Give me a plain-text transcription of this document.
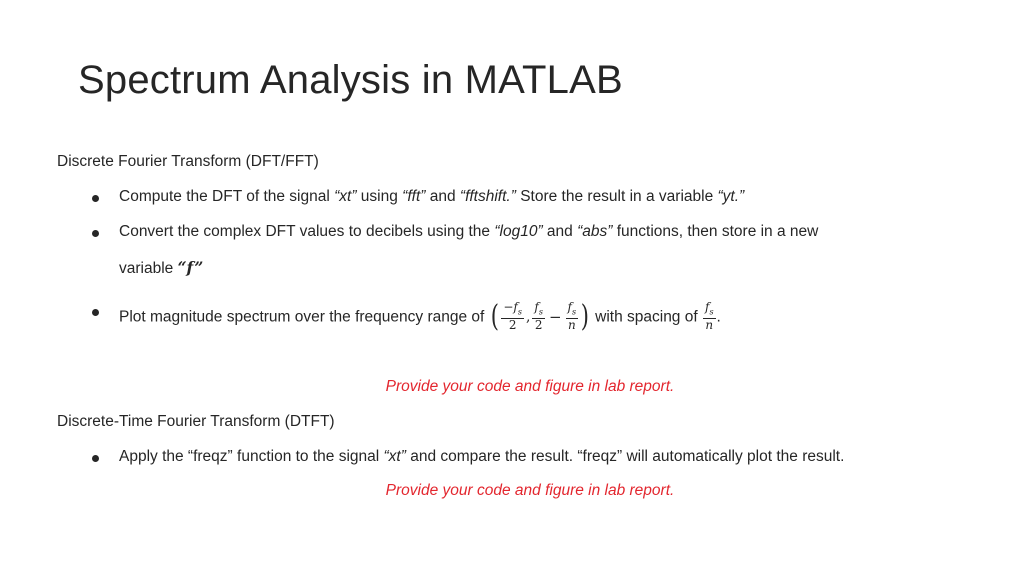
Spectrum Analysis in MATLAB
Discrete Fourier Transform (DFT/FFT)
Compute the DFT of the signal “xt” using “fft” and “fftshift.” Store the result in a variable “yt.”
Convert the complex DFT values to decibels using the “log10” and “abs” functions, then store in a new
variable “f”
Plot magnitude spectrum over the frequency range of ( $\frac{-f_s}{2}$ , $\frac{f_s}{2} - \frac{f_s}{n}$ ) with spacing of $\frac{f_s}{n}$ .
Provide your code and figure in lab report.
Discrete-Time Fourier Transform (DTFT)
Apply the “freqz” function to the signal “xt” and compare the result. “freqz” will automatically plot the result.
Provide your code and figure in lab report.
